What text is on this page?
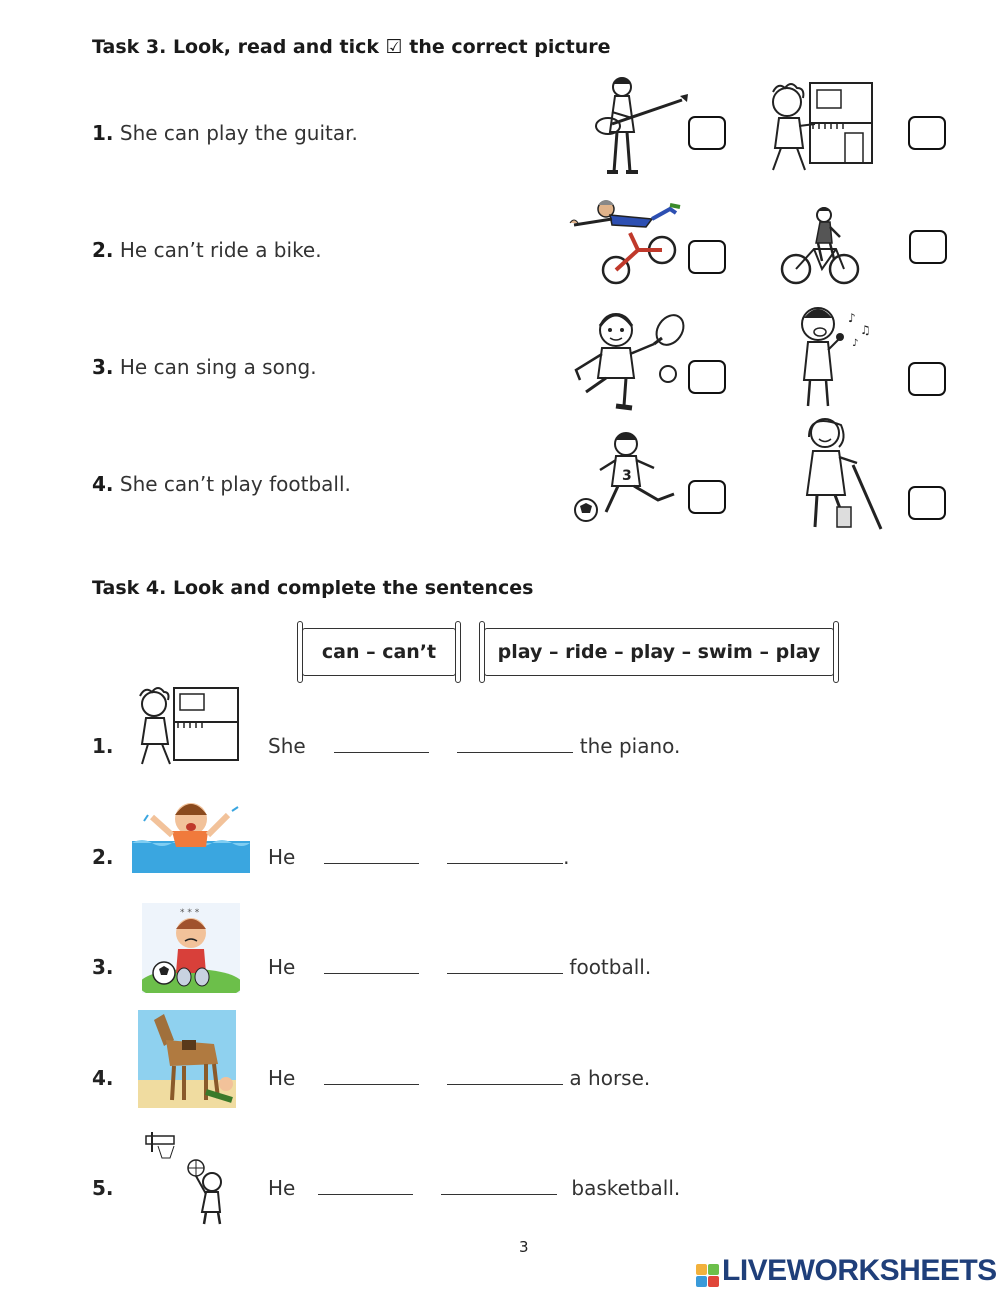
Task 3. Look, read and tick ☑ the correct picture
1. She can play the guitar.
2. He can’t ride a bike.
3. He can sing a song.
♪
♫
♪
4. She can’t play football.	3
Task 4. Look and complete the sentences
can – can’t	play – ride – play – swim – play
1.	She	the piano.
2.	He	.
3.
* * *
He	football.
4.	He	a horse.
5.	He	basketball.
3
LIVEWORKSHEETS
